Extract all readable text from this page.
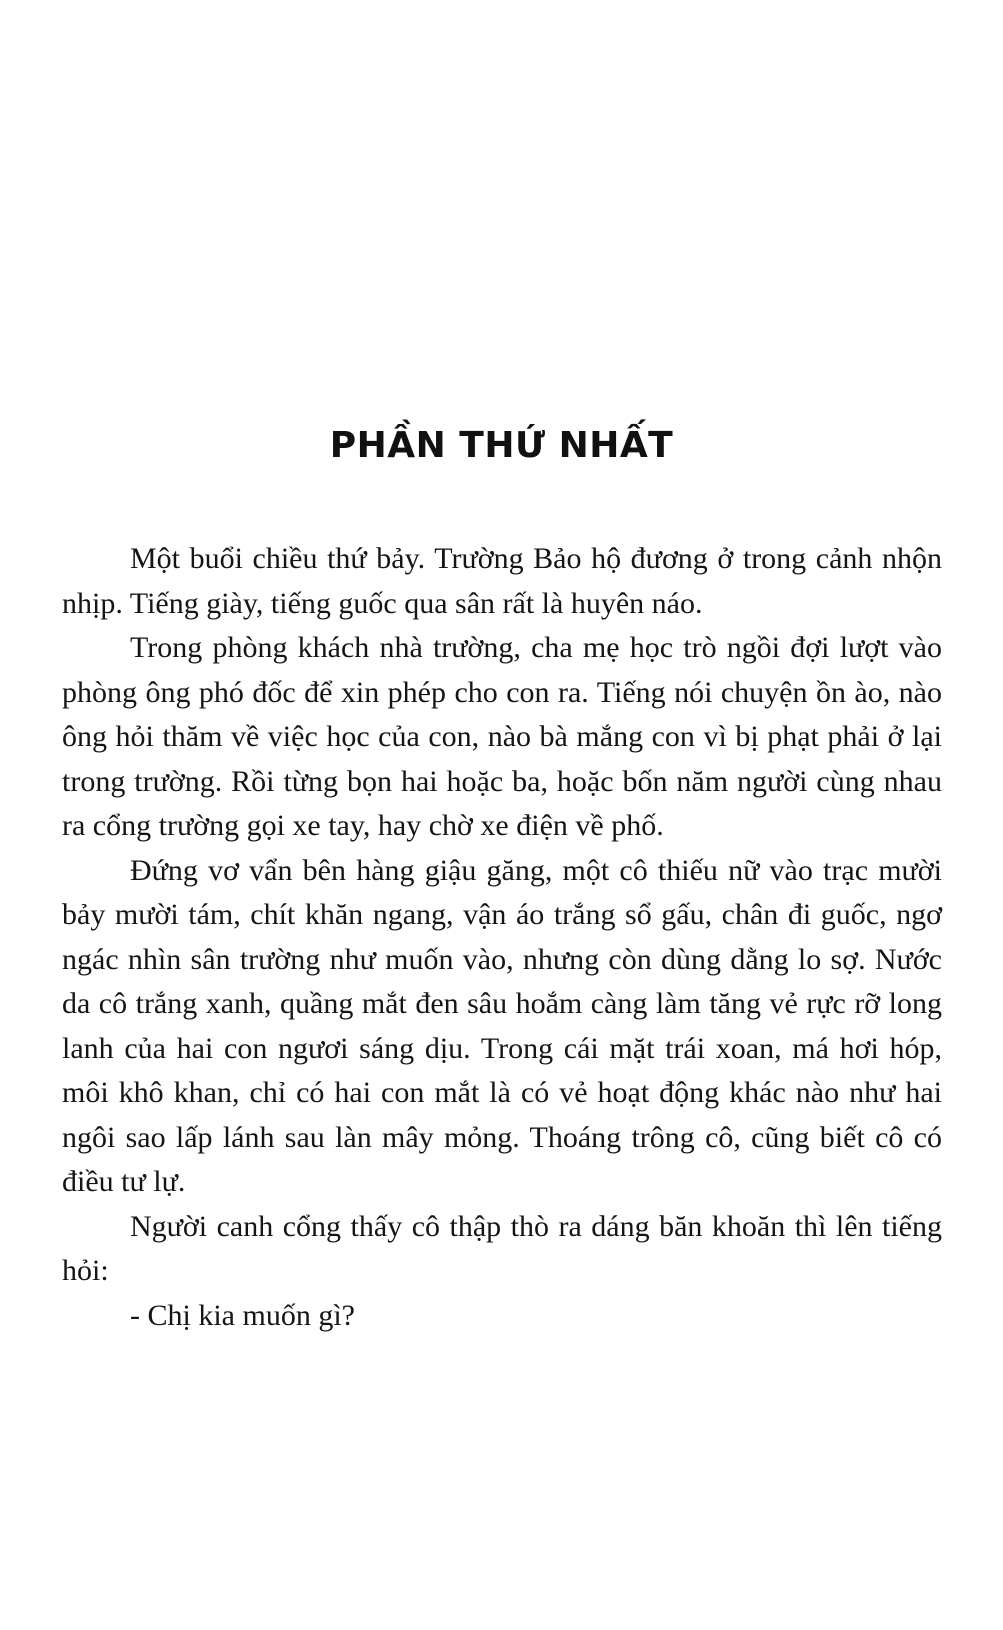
PHẦN THỨ NHẤT

Một buổi chiều thứ bảy. Trường Bảo hộ đương ở trong cảnh nhộn nhịp. Tiếng giày, tiếng guốc qua sân rất là huyên náo.

Trong phòng khách nhà trường, cha mẹ học trò ngồi đợi lượt vào phòng ông phó đốc để xin phép cho con ra. Tiếng nói chuyện ồn ào, nào ông hỏi thăm về việc học của con, nào bà mắng con vì bị phạt phải ở lại trong trường. Rồi từng bọn hai hoặc ba, hoặc bốn năm người cùng nhau ra cổng trường gọi xe tay, hay chờ xe điện về phố.

Đứng vơ vẩn bên hàng giậu găng, một cô thiếu nữ vào trạc mười bảy mười tám, chít khăn ngang, vận áo trắng sổ gấu, chân đi guốc, ngơ ngác nhìn sân trường như muốn vào, nhưng còn dùng dằng lo sợ. Nước da cô trắng xanh, quầng mắt đen sâu hoắm càng làm tăng vẻ rực rỡ long lanh của hai con ngươi sáng dịu. Trong cái mặt trái xoan, má hơi hóp, môi khô khan, chỉ có hai con mắt là có vẻ hoạt động khác nào như hai ngôi sao lấp lánh sau làn mây mỏng. Thoáng trông cô, cũng biết cô có điều tư lự.

Người canh cổng thấy cô thập thò ra dáng băn khoăn thì lên tiếng hỏi:

- Chị kia muốn gì?
